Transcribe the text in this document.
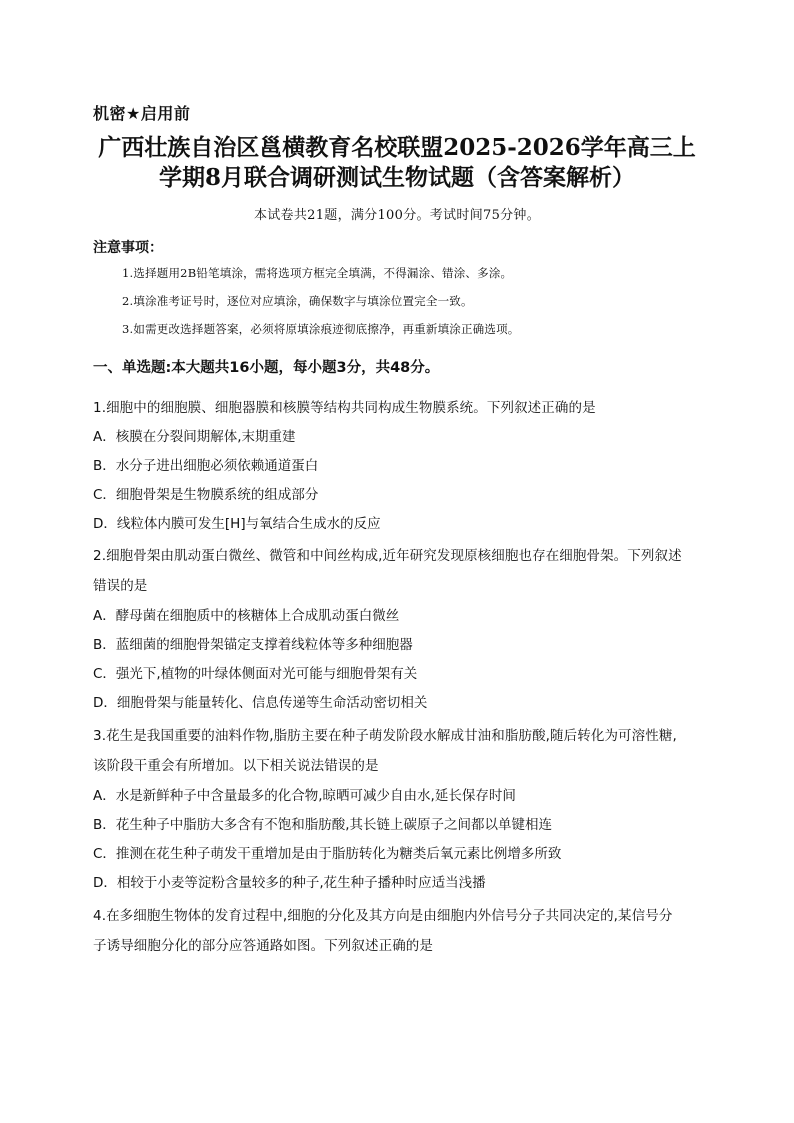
机密★启用前
广西壮族自治区邕横教育名校联盟2025-2026学年高三上
学期8月联合调研测试生物试题（含答案解析）
本试卷共21题，满分100分。考试时间75分钟。
注意事项：
1.选择题用2B铅笔填涂，需将选项方框完全填满，不得漏涂、错涂、多涂。
2.填涂准考证号时，逐位对应填涂，确保数字与填涂位置完全一致。
3.如需更改选择题答案，必须将原填涂痕迹彻底擦净，再重新填涂正确选项。
一、单选题:本大题共16小题，每小题3分，共48分。
1.细胞中的细胞膜、细胞器膜和核膜等结构共同构成生物膜系统。下列叙述正确的是
A．核膜在分裂间期解体,末期重建
B．水分子进出细胞必须依赖通道蛋白
C．细胞骨架是生物膜系统的组成部分
D．线粒体内膜可发生[H]与氧结合生成水的反应
2.细胞骨架由肌动蛋白微丝、微管和中间丝构成,近年研究发现原核细胞也存在细胞骨架。下列叙述
错误的是
A．酵母菌在细胞质中的核糖体上合成肌动蛋白微丝
B．蓝细菌的细胞骨架锚定支撑着线粒体等多种细胞器
C．强光下,植物的叶绿体侧面对光可能与细胞骨架有关
D．细胞骨架与能量转化、信息传递等生命活动密切相关
3.花生是我国重要的油料作物,脂肪主要在种子萌发阶段水解成甘油和脂肪酸,随后转化为可溶性糖,
该阶段干重会有所增加。以下相关说法错误的是
A．水是新鲜种子中含量最多的化合物,晾晒可减少自由水,延长保存时间
B．花生种子中脂肪大多含有不饱和脂肪酸,其长链上碳原子之间都以单键相连
C．推测在花生种子萌发干重增加是由于脂肪转化为糖类后氧元素比例增多所致
D．相较于小麦等淀粉含量较多的种子,花生种子播种时应适当浅播
4.在多细胞生物体的发育过程中,细胞的分化及其方向是由细胞内外信号分子共同决定的,某信号分
子诱导细胞分化的部分应答通路如图。下列叙述正确的是
